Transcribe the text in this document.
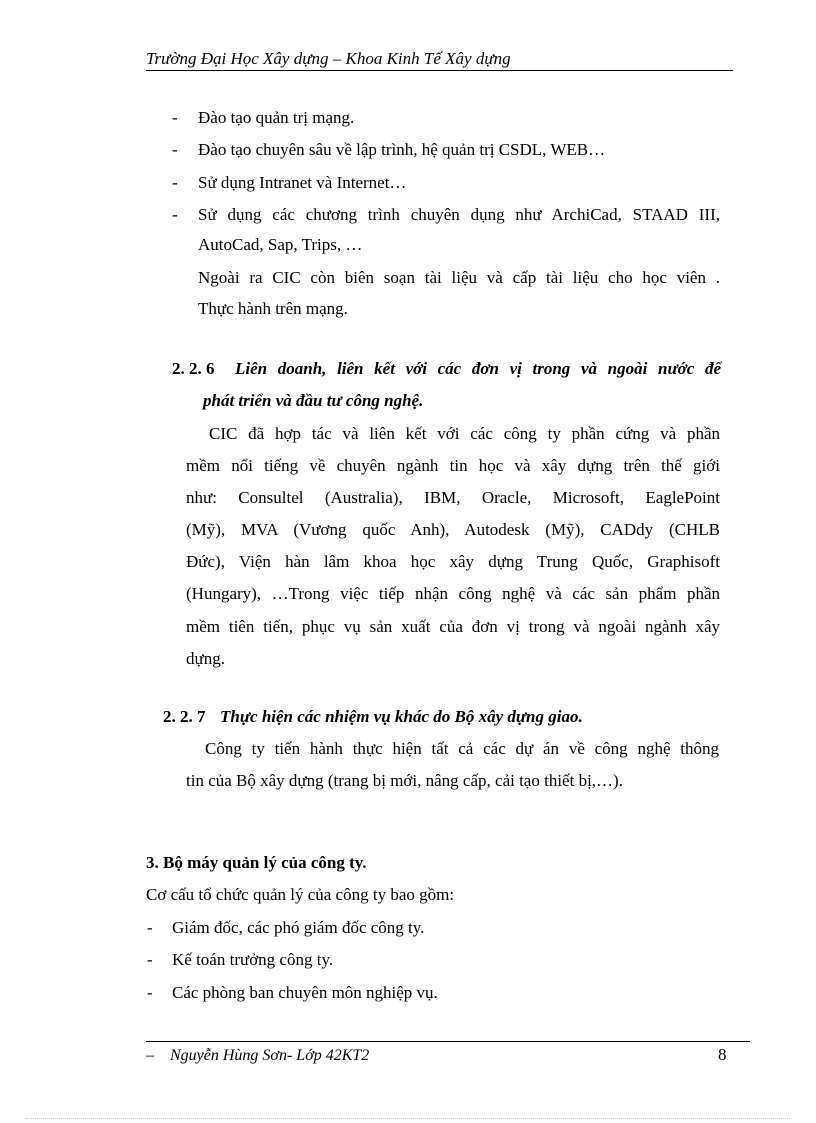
Trường Đại Học Xây dựng – Khoa Kinh Tế Xây dựng
- Đào tạo quản trị mạng.
- Đào tạo chuyên sâu về lập trình, hệ quản trị CSDL, WEB…
- Sử dụng Intranet và Internet…
- Sử dụng các chương trình chuyên dụng như ArchiCad, STAAD III,
AutoCad, Sap, Trips, …
Ngoài ra CIC còn biên soạn tài liệu và cấp tài liệu cho học viên .
Thực hành trên mạng.
2. 2. 6 Liên doanh, liên kết với các đơn vị trong và ngoài nước để
phát triển và đầu tư công nghệ.
CIC đã hợp tác và liên kết với các công ty phần cứng và phần
mềm nổi tiếng về chuyên ngành tin học và xây dựng trên thế giới
như: Consultel (Australia), IBM, Oracle, Microsoft, EaglePoint
(Mỹ), MVA (Vương quốc Anh), Autodesk (Mỹ), CADdy (CHLB
Đức), Viện hàn lâm khoa học xây dựng Trung Quốc, Graphisoft
(Hungary), …Trong việc tiếp nhận công nghệ và các sản phẩm phần
mềm tiên tiến, phục vụ sản xuất của đơn vị trong và ngoài ngành xây
dựng.
2. 2. 7 Thực hiện các nhiệm vụ khác do Bộ xây dựng giao.
Công ty tiến hành thực hiện tất cả các dự án về công nghệ thông
tin của Bộ xây dựng (trang bị mới, nâng cấp, cải tạo thiết bị,…).
3. Bộ máy quản lý của công ty.
Cơ cấu tổ chức quản lý của công ty bao gồm:
- Giám đốc, các phó giám đốc công ty.
- Kế toán trưởng công ty.
- Các phòng ban chuyên môn nghiệp vụ.
– Nguyễn Hùng Sơn- Lớp 42KT2	8
